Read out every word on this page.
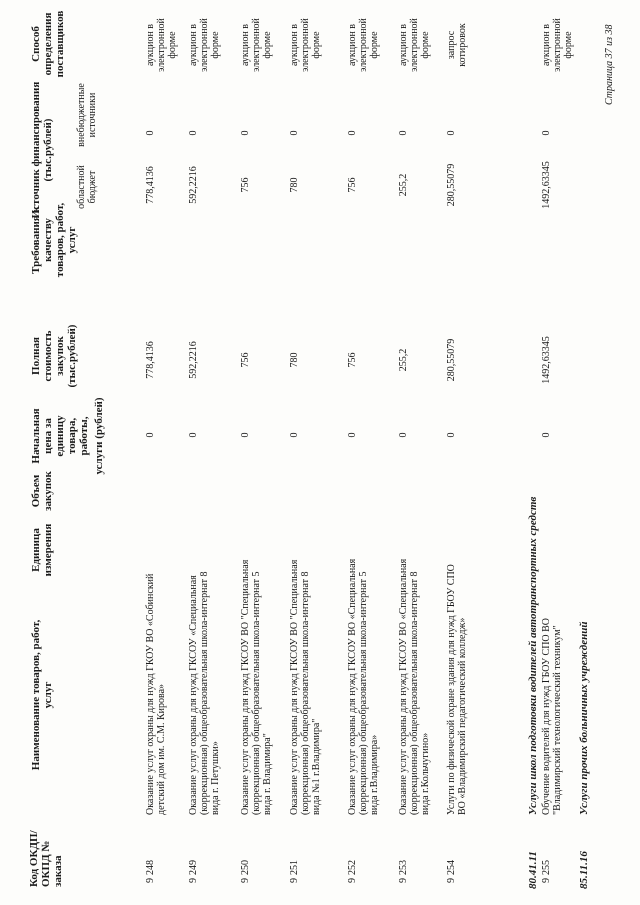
Код ОКДП/ ОКПД № заказа
Наименование товаров, работ, услуг
Единица измерения
Объем закупок
Начальная цена за единицу товара, работы, услуги (рублей)
Полная стоимость закупок (тыс.рублей)
Требования к качеству товаров, работ, услуг
Источник финансирования (тыс.рублей)
областной бюджет
внебюджетные источники
Способ определения поставщиков
9
248
Оказание услуг охраны для нужд ГКОУ ВО «Собинский детский дом им. С.М. Кирова»
0
778,4136
778,4136
0
аукцион в электронной форме
9
249
Оказание услуг охраны для нужд ГКСОУ «Специальная (коррекционная) общеобразовательная школа-интернат 8 вида г. Петушки»
0
592,2216
592,2216
0
аукцион в электронной форме
9
250
Оказание услуг охраны для нужд ГКСОУ ВО "Специальная (коррекционная) общеобразовательная школа-интернат 5 вида г. Владимира"
0
756
756
0
аукцион в электронной форме
9
251
Оказание услуг охраны для нужд ГКСОУ ВО "Специальная (коррекционная) общеобразовательная школа-интернат 8 вида №1 г.Владимира"
0
780
780
0
аукцион в электронной форме
9
252
Оказание услуг охраны для нужд ГКСОУ ВО «Специальная (коррекционная) общеобразовательная школа-интернат 5 вида г.Владимира»
0
756
756
0
аукцион в электронной форме
9
253
Оказание услуг охраны для нужд ГКСОУ ВО «Специальная (коррекционная) общеобразовательная школа-интернат 8 вида г.Кольчугино»
0
255,2
255,2
0
аукцион в электронной форме
9
254
Услуги по физической охране здания для нужд ГБОУ СПО ВО «Владимирский педагогический колледж»
0
280,55079
280,55079
0
запрос котировок
80.41.11
Услуги школ подготовки водителей автотранспортных средств
9
255
Обучение водителей для нужд ГБОУ СПО ВО "Владимирский технологический техникум"
0
1492,63345
1492,63345
0
аукцион в электронной форме
85.11.16
Услуги прочих больничных учреждений
Страница 37 из 38
